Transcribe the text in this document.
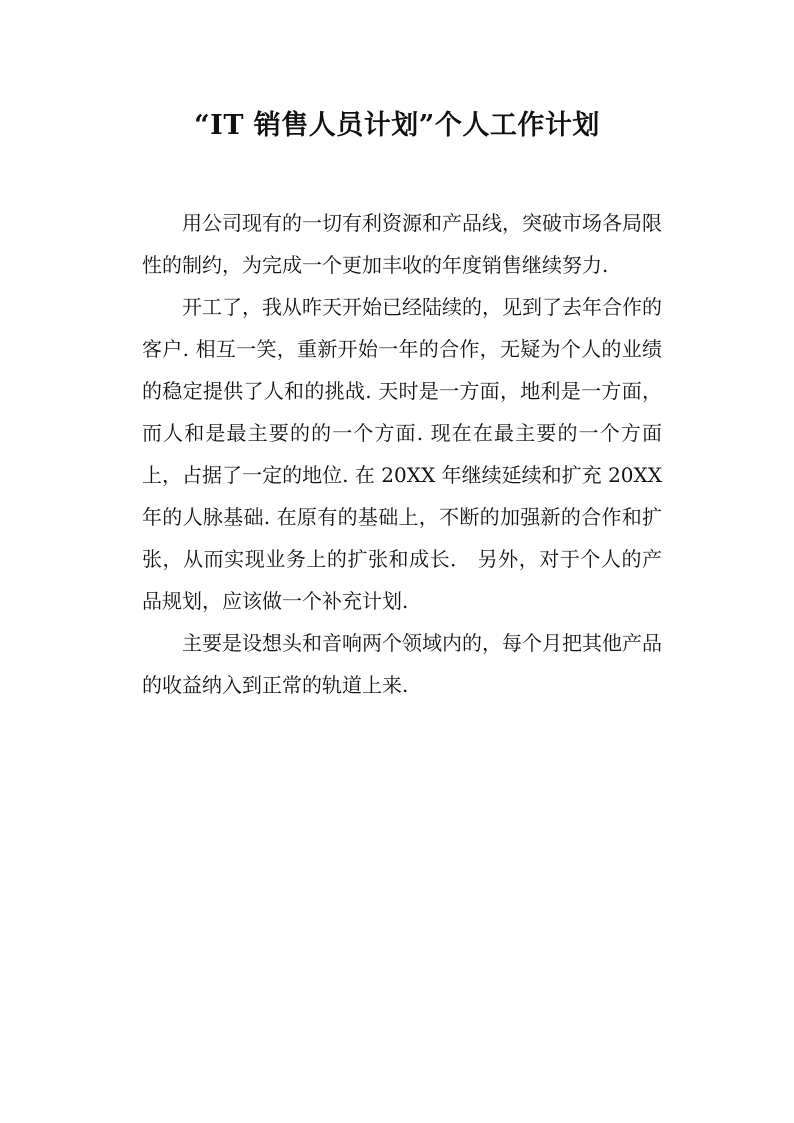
“IT 销售人员计划”个人工作计划

用公司现有的一切有利资源和产品线，突破市场各局限性的制约，为完成一个更加丰收的年度销售继续努力.

开工了，我从昨天开始已经陆续的，见到了去年合作的客户. 相互一笑，重新开始一年的合作，无疑为个人的业绩的稳定提供了人和的挑战. 天时是一方面，地利是一方面，而人和是最主要的的一个方面. 现在在最主要的一个方面上，占据了一定的地位. 在 20XX 年继续延续和扩充 20XX 年的人脉基础. 在原有的基础上，不断的加强新的合作和扩张，从而实现业务上的扩张和成长． 另外，对于个人的产品规划，应该做一个补充计划.

主要是设想头和音响两个领域内的，每个月把其他产品的收益纳入到正常的轨道上来.
